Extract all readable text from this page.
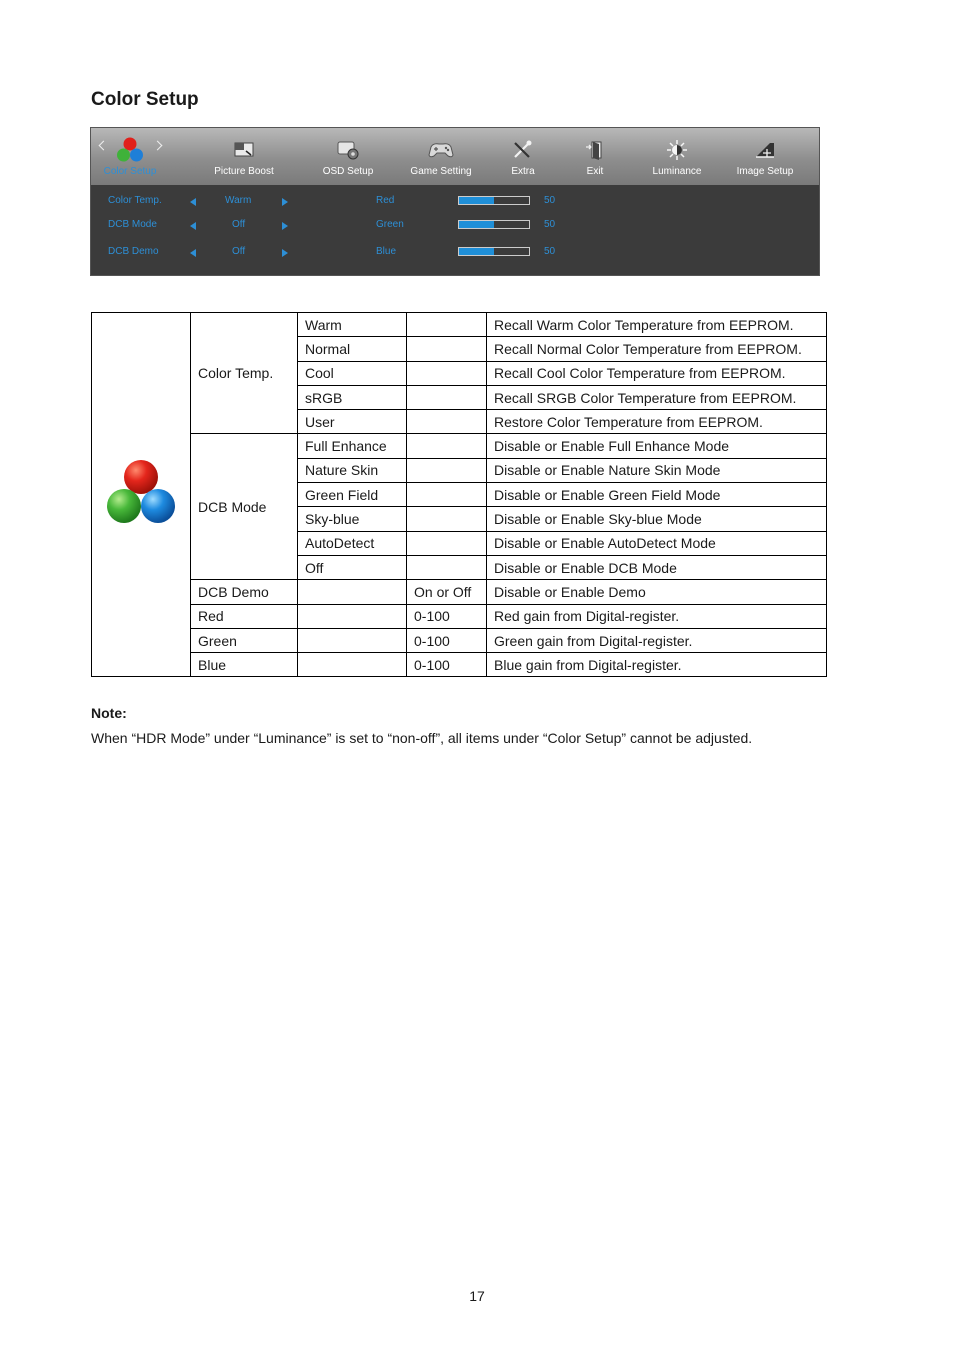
Color Setup
Color Setup	Picture Boost	OSD Setup	Game Setting	Extra	Exit	Luminance	Image Setup
Color Temp.	Warm	Red	50
DCB Mode	Off	Green	50
DCB Demo	Off	Blue	50
	Color Temp.	Warm		Recall Warm Color Temperature from EEPROM.
		Normal		Recall Normal Color Temperature from EEPROM.
		Cool		Recall Cool Color Temperature from EEPROM.
		sRGB		Recall SRGB Color Temperature from EEPROM.
		User		Restore Color Temperature from EEPROM.
	DCB Mode	Full Enhance		Disable or Enable Full Enhance Mode
		Nature Skin		Disable or Enable Nature Skin Mode
		Green Field		Disable or Enable Green Field Mode
		Sky-blue		Disable or Enable Sky-blue Mode
		AutoDetect		Disable or Enable AutoDetect Mode
		Off		Disable or Enable DCB Mode
	DCB Demo		On or Off	Disable or Enable Demo
	Red		0-100	Red gain from Digital-register.
	Green		0-100	Green gain from Digital-register.
	Blue		0-100	Blue gain from Digital-register.
Note:
When “HDR Mode” under “Luminance” is set to “non-off”, all items under “Color Setup” cannot be adjusted.
17
